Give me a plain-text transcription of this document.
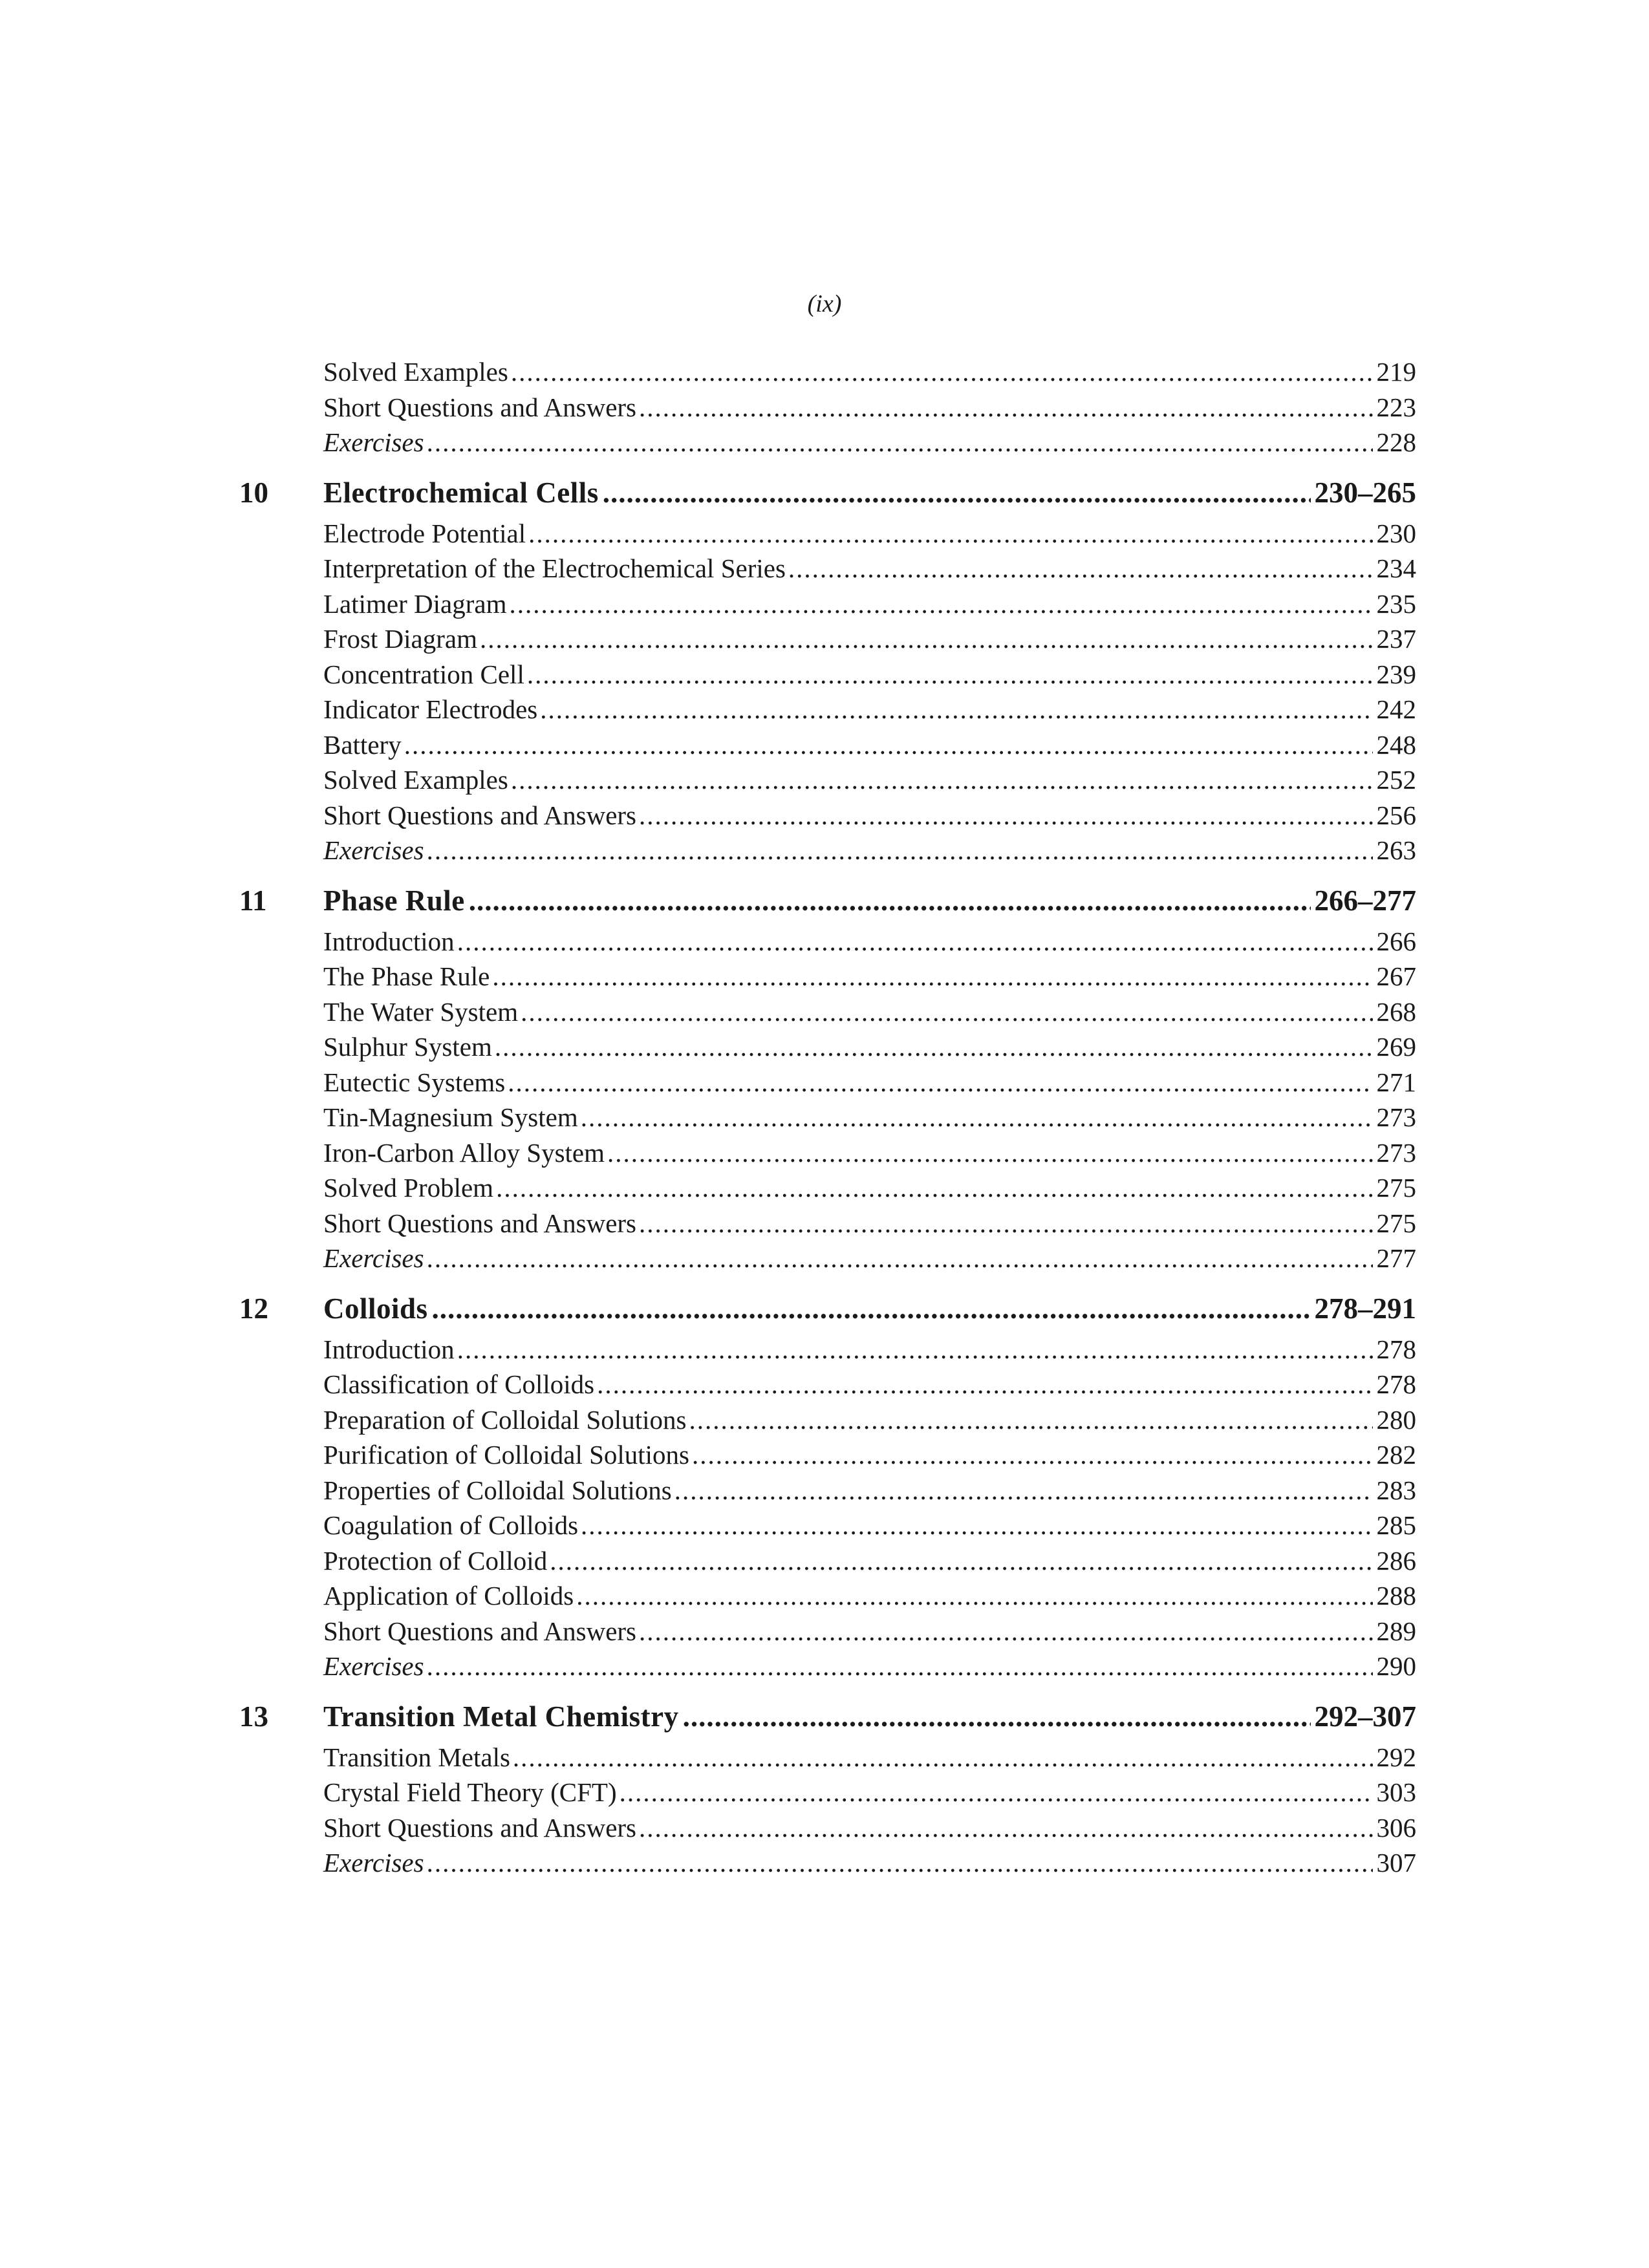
(ix)
Solved Examples .....	219
Short Questions and Answers .....	223
Exercises .....	228
10	Electrochemical Cells .....	230–265
Electrode Potential .....	230
Interpretation of the Electrochemical Series .....	234
Latimer Diagram .....	235
Frost Diagram .....	237
Concentration Cell .....	239
Indicator Electrodes .....	242
Battery .....	248
Solved Examples .....	252
Short Questions and Answers .....	256
Exercises .....	263
11	Phase Rule .....	266–277
Introduction .....	266
The Phase Rule .....	267
The Water System .....	268
Sulphur System .....	269
Eutectic Systems .....	271
Tin-Magnesium System .....	273
Iron-Carbon Alloy System .....	273
Solved Problem .....	275
Short Questions and Answers .....	275
Exercises .....	277
12	Colloids .....	278–291
Introduction .....	278
Classification of Colloids .....	278
Preparation of Colloidal Solutions .....	280
Purification of Colloidal Solutions .....	282
Properties of Colloidal Solutions .....	283
Coagulation of Colloids .....	285
Protection of Colloid .....	286
Application of Colloids .....	288
Short Questions and Answers .....	289
Exercises .....	290
13	Transition Metal Chemistry .....	292–307
Transition Metals .....	292
Crystal Field Theory (CFT) .....	303
Short Questions and Answers .....	306
Exercises .....	307
